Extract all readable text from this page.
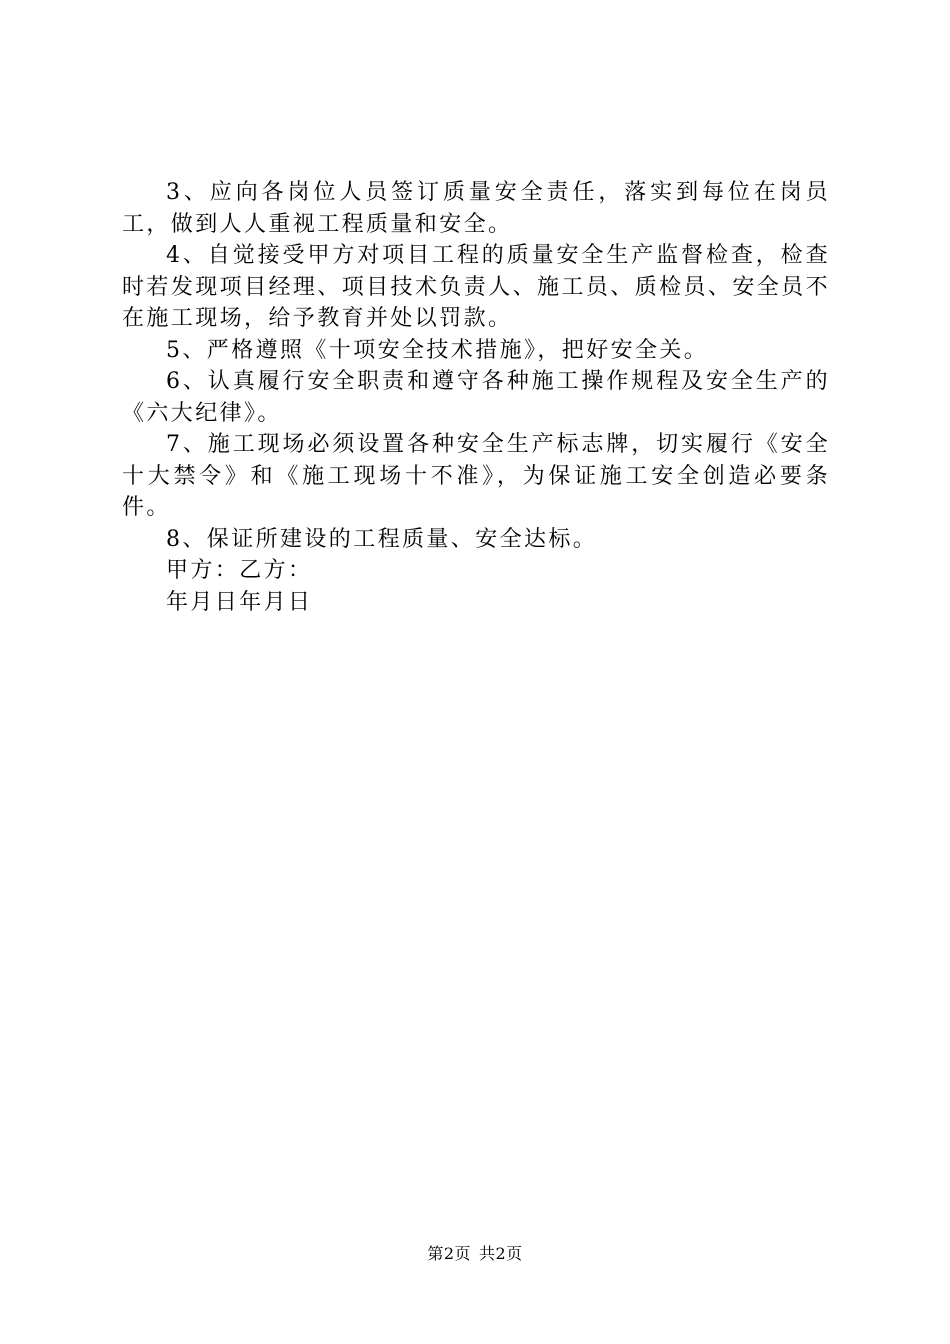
3、应向各岗位人员签订质量安全责任，落实到每位在岗员工，做到人人重视工程质量和安全。

4、自觉接受甲方对项目工程的质量安全生产监督检查，检查时若发现项目经理、项目技术负责人、施工员、质检员、安全员不在施工现场，给予教育并处以罚款。

5、严格遵照《十项安全技术措施》，把好安全关。

6、认真履行安全职责和遵守各种施工操作规程及安全生产的《六大纪律》。

7、施工现场必须设置各种安全生产标志牌，切实履行《安全十大禁令》和《施工现场十不准》，为保证施工安全创造必要条件。

8、保证所建设的工程质量、安全达标。

甲方：乙方：

年月日年月日

第2页 共2页
